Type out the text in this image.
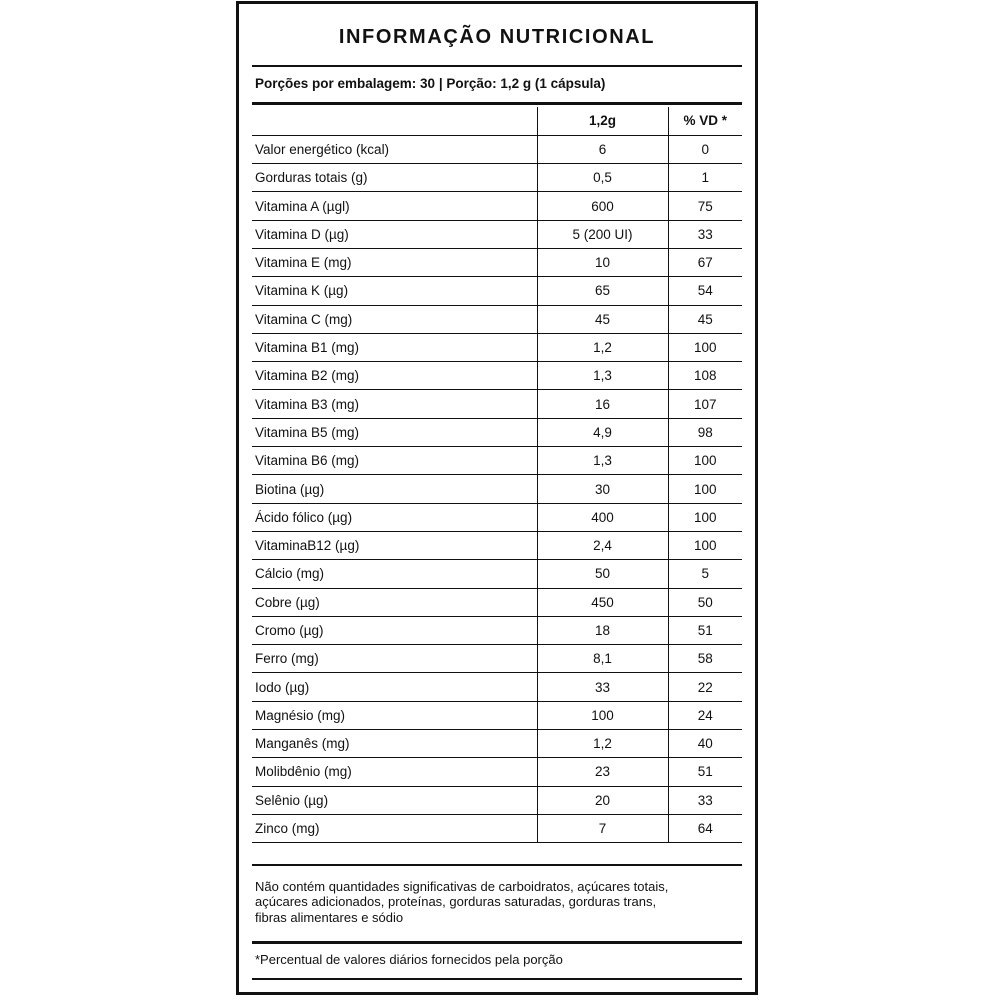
INFORMAÇÃO NUTRICIONAL
Porções por embalagem: 30 | Porção: 1,2 g (1 cápsula)
	1,2g	% VD *
Valor energético (kcal)	6	0
Gorduras totais (g)	0,5	1
Vitamina A (µgl)	600	75
Vitamina D (µg)	5 (200 UI)	33
Vitamina E (mg)	10	67
Vitamina K (µg)	65	54
Vitamina C (mg)	45	45
Vitamina B1 (mg)	1,2	100
Vitamina B2 (mg)	1,3	108
Vitamina B3 (mg)	16	107
Vitamina B5 (mg)	4,9	98
Vitamina B6 (mg)	1,3	100
Biotina (µg)	30	100
Ácido fólico (µg)	400	100
VitaminaB12 (µg)	2,4	100
Cálcio (mg)	50	5
Cobre (µg)	450	50
Cromo (µg)	18	51
Ferro (mg)	8,1	58
Iodo (µg)	33	22
Magnésio (mg)	100	24
Manganês (mg)	1,2	40
Molibdênio (mg)	23	51
Selênio (µg)	20	33
Zinco (mg)	7	64
Não contém quantidades significativas de carboidratos, açúcares totais,
açúcares adicionados, proteínas, gorduras saturadas, gorduras trans,
fibras alimentares e sódio
*Percentual de valores diários fornecidos pela porção
